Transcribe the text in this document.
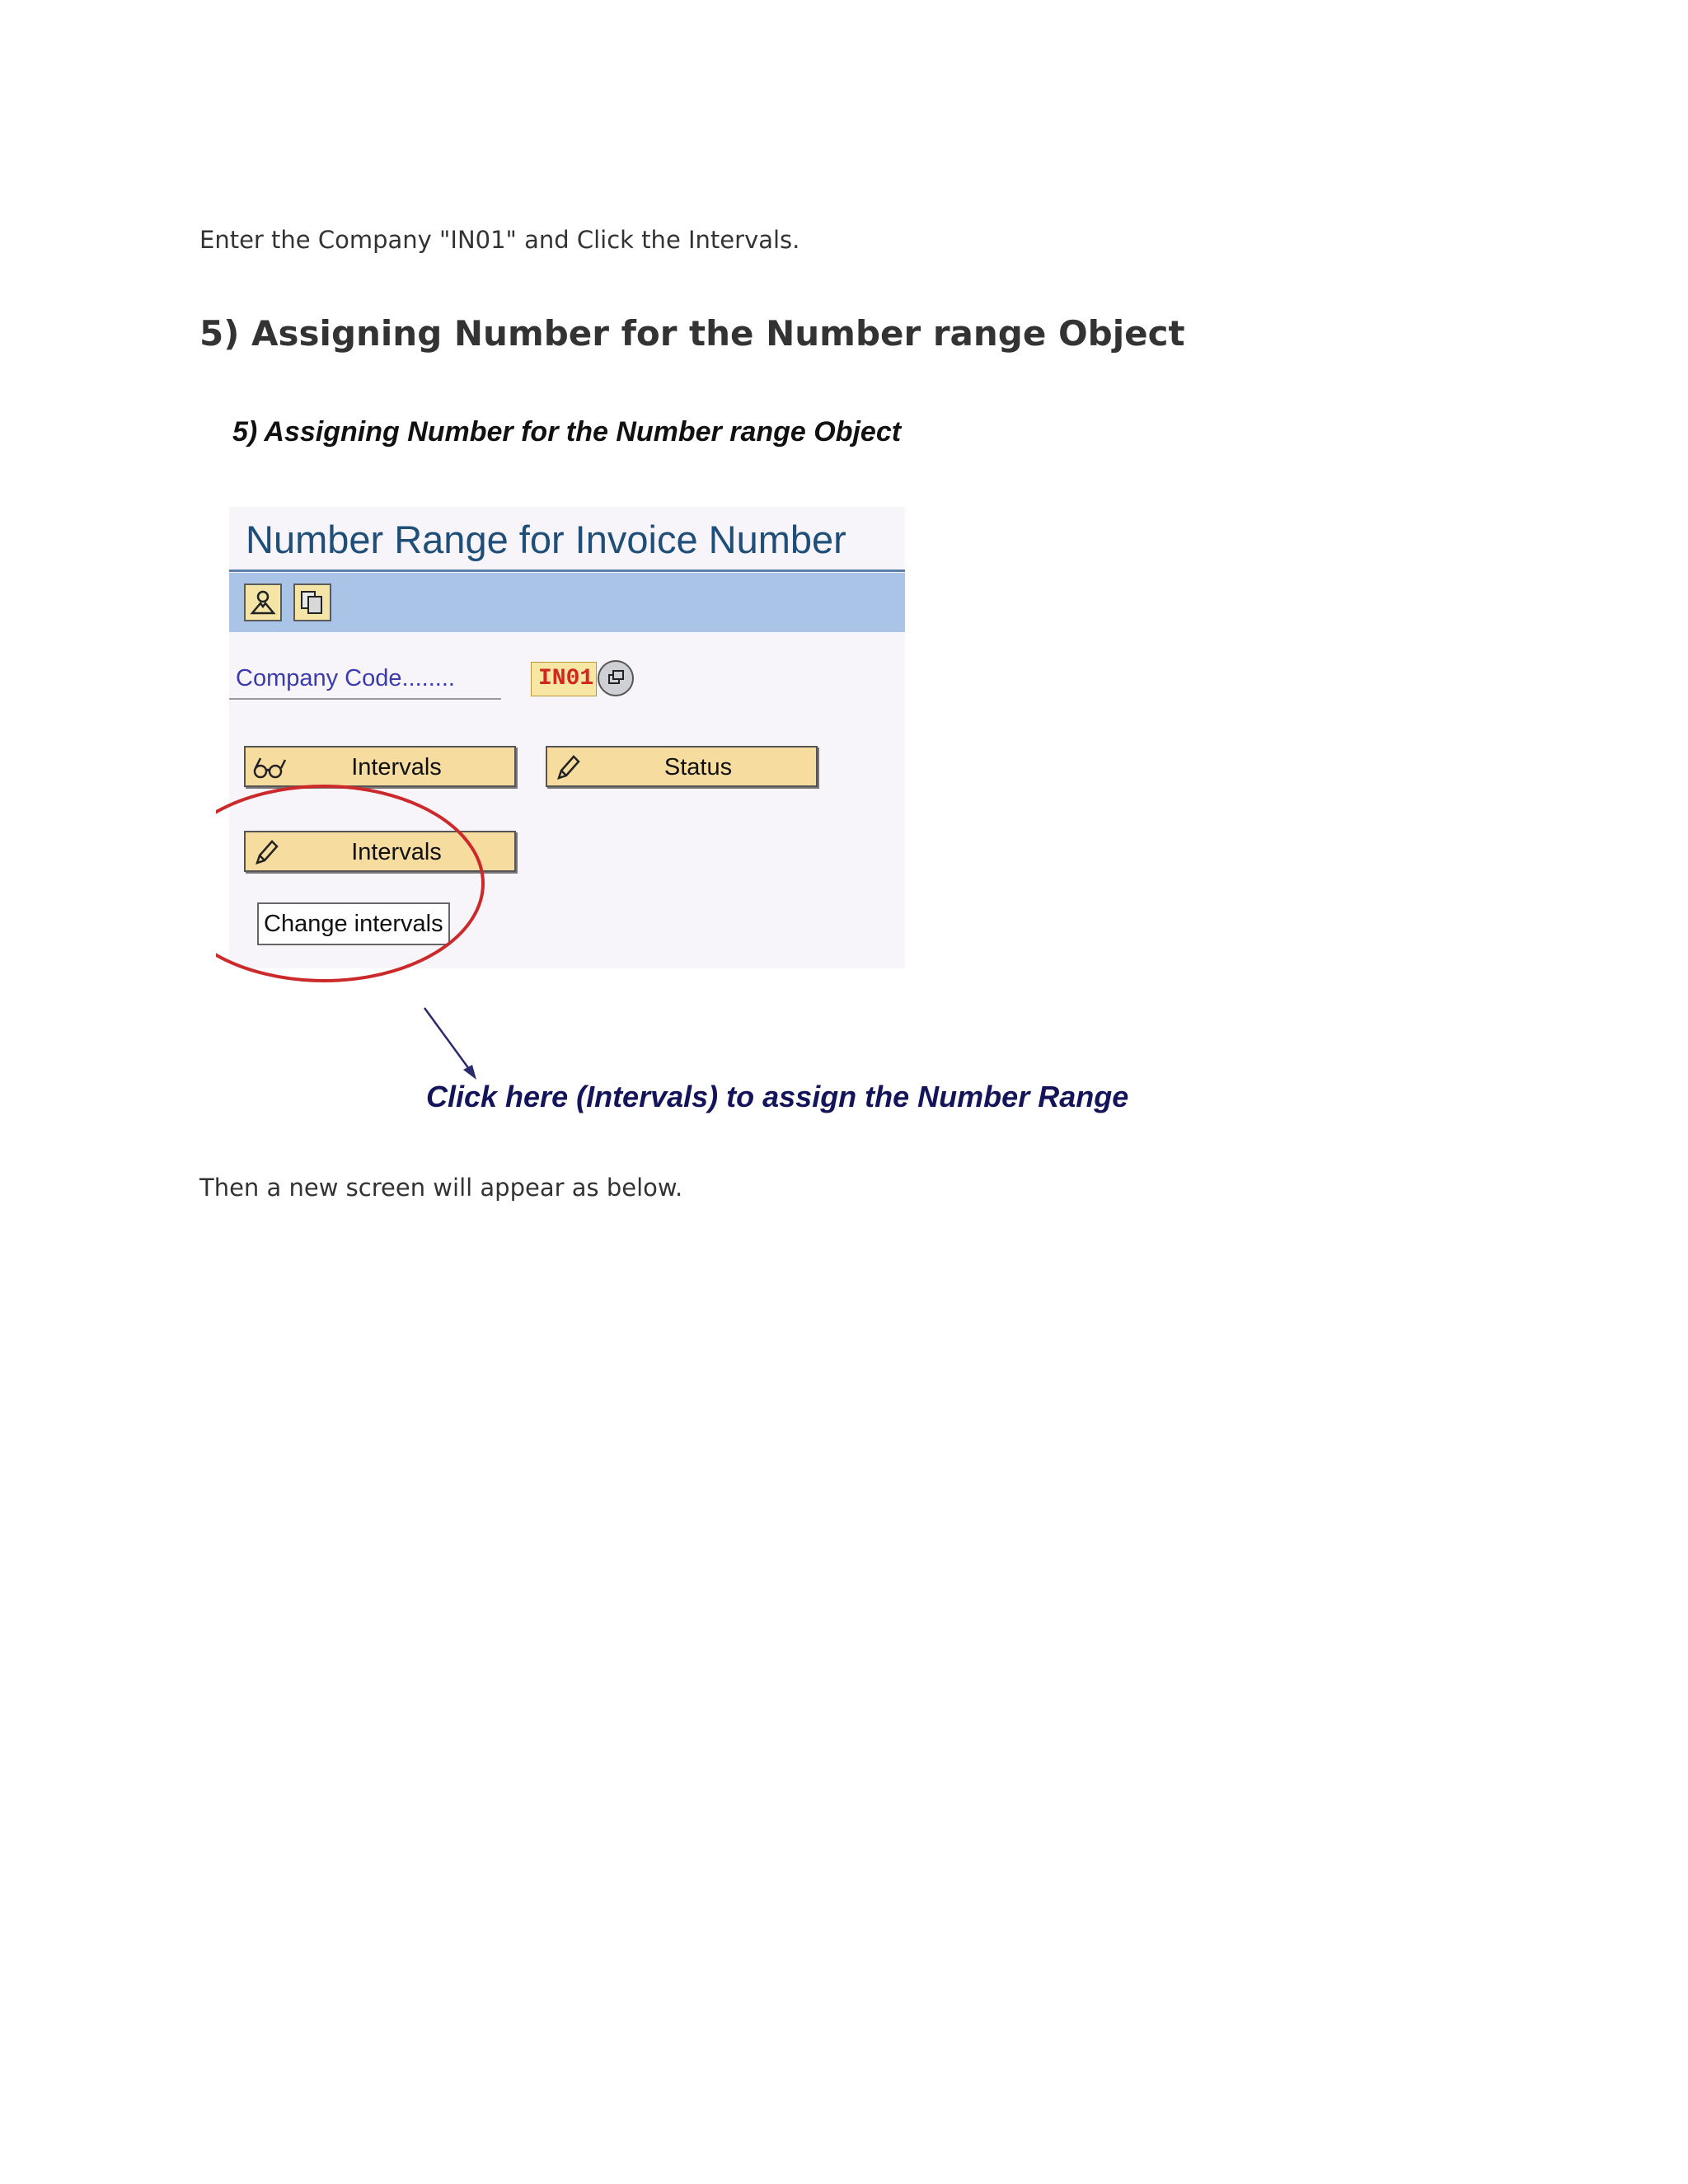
Enter the Company "IN01" and Click the Intervals.

5) Assigning Number for the Number range Object

5) Assigning Number for the Number range Object

Number Range for Invoice Number

Company Code........	IN01
Intervals	Status
Intervals
Change intervals

Click here (Intervals) to assign the Number Range

Then a new screen will appear as below.
